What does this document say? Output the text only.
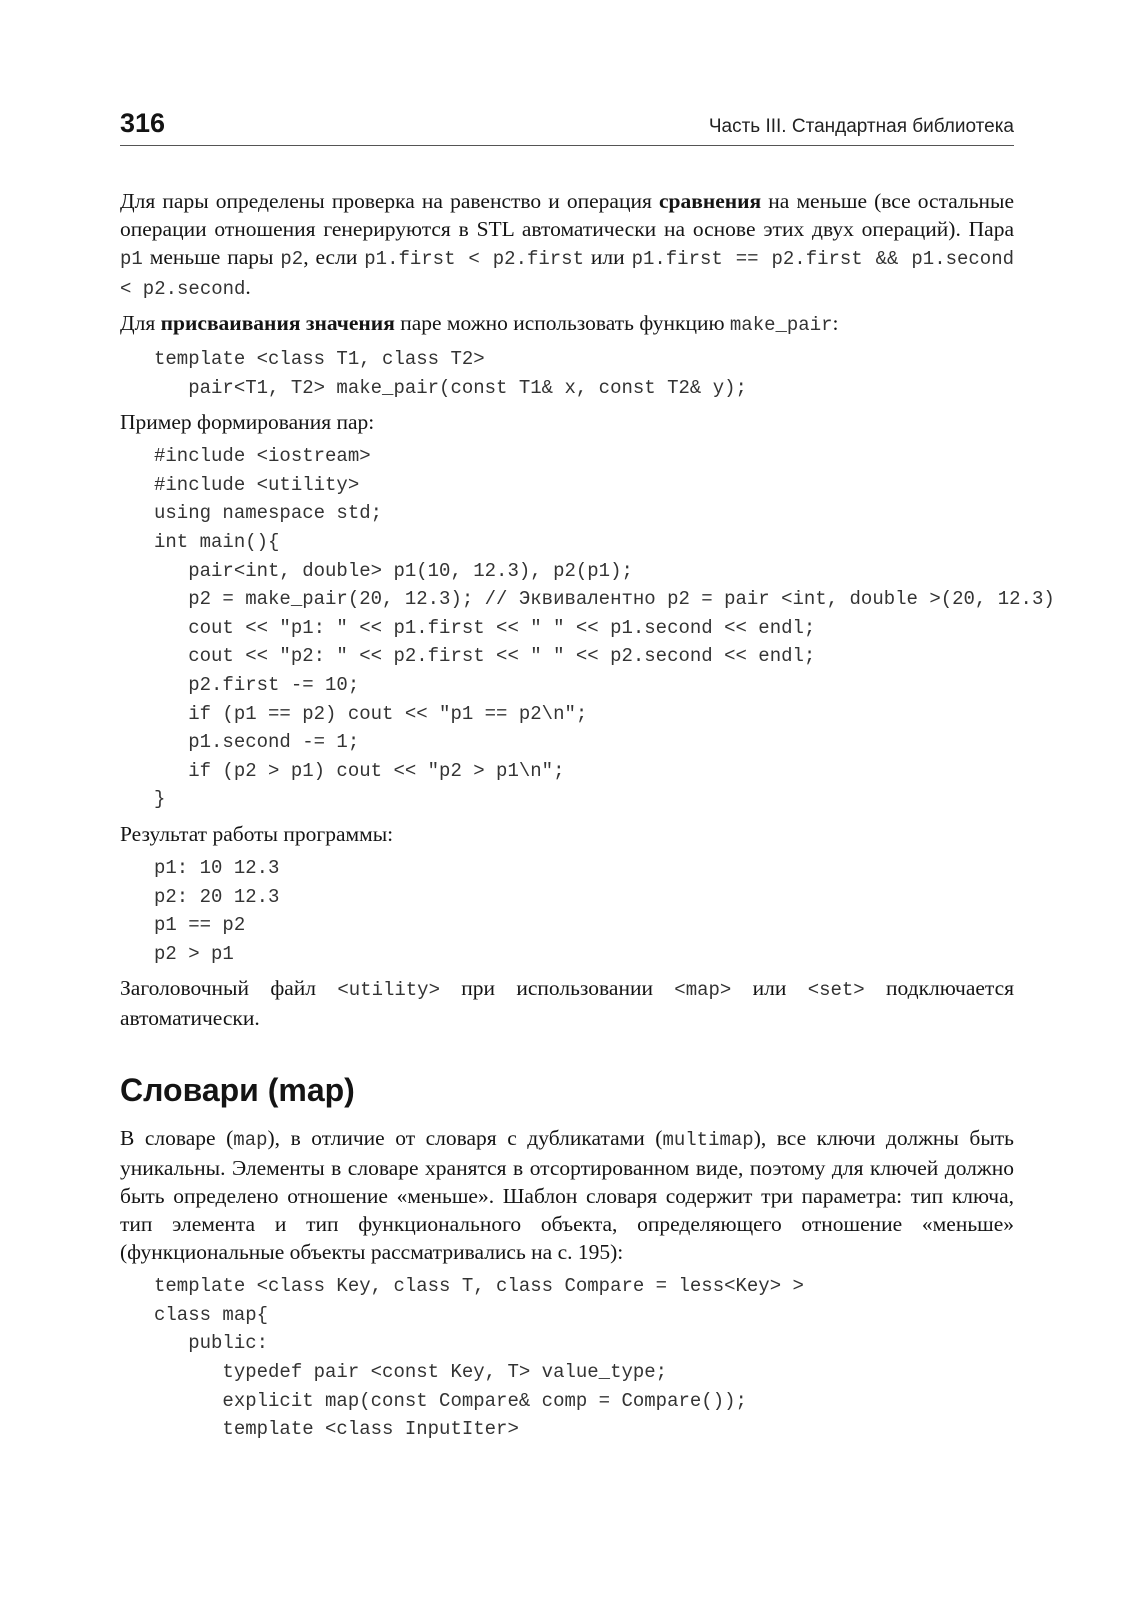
316	Часть III. Стандартная библиотека

Для пары определены проверка на равенство и операция сравнения на меньше (все остальные операции отношения генерируются в STL автоматически на основе этих двух операций). Пара p1 меньше пары p2, если p1.first < p2.first или p1.first == p2.first && p1.second < p2.second.

Для присваивания значения паре можно использовать функцию make_pair:

template <class T1, class T2>
pair<T1, T2> make_pair(const T1& x, const T2& y);

Пример формирования пар:

#include <iostream>
#include <utility>
using namespace std;
int main(){
pair<int, double> p1(10, 12.3), p2(p1);
p2 = make_pair(20, 12.3); // Эквивалентно p2 = pair <int, double >(20, 12.3)
cout << "p1: " << p1.first << " " << p1.second << endl;
cout << "p2: " << p2.first << " " << p2.second << endl;
p2.first -= 10;
if (p1 == p2) cout << "p1 == p2\n";
p1.second -= 1;
if (p2 > p1) cout << "p2 > p1\n";
}

Результат работы программы:

p1: 10 12.3
p2: 20 12.3
p1 == p2
p2 > p1

Заголовочный файл <utility> при использовании <map> или <set> подключается автоматически.

Словари (map)

В словаре (map), в отличие от словаря с дубликатами (multimap), все ключи должны быть уникальны. Элементы в словаре хранятся в отсортированном виде, поэтому для ключей должно быть определено отношение «меньше». Шаблон словаря содержит три параметра: тип ключа, тип элемента и тип функционального объекта, определяющего отношение «меньше» (функциональные объекты рассматривались на с. 195):

template <class Key, class T, class Compare = less<Key> >
class map{
public:
typedef pair <const Key, T> value_type;
explicit map(const Compare& comp = Compare());
template <class InputIter>
